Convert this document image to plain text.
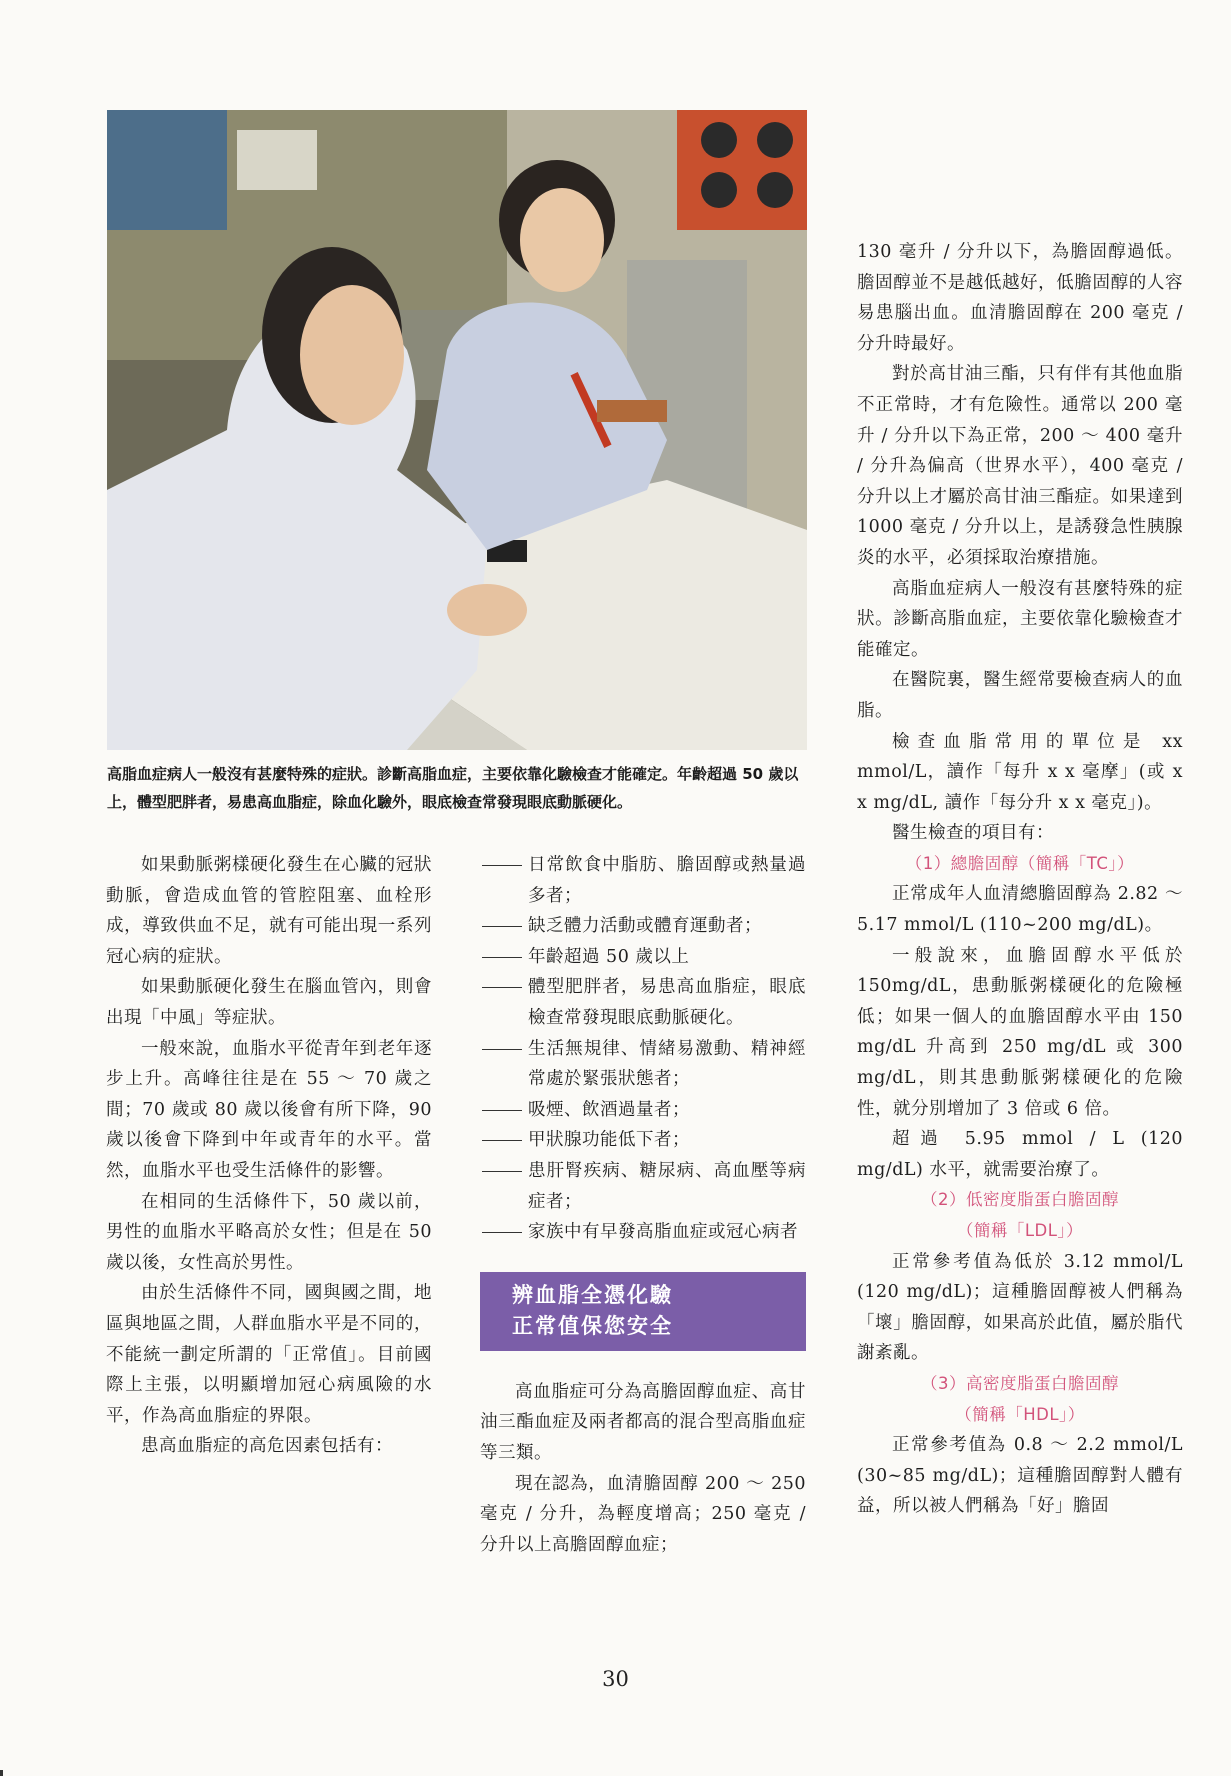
高脂血症病人一般沒有甚麼特殊的症狀。診斷高脂血症，主要依靠化驗檢查才能確定。年齡超過 50 歲以上，體型肥胖者，易患高血脂症，除血化驗外，眼底檢查常發現眼底動脈硬化。

如果動脈粥樣硬化發生在心臟的冠狀動脈，會造成血管的管腔阻塞、血栓形成，導致供血不足，就有可能出現一系列冠心病的症狀。

如果動脈硬化發生在腦血管內，則會出現「中風」等症狀。

一般來說，血脂水平從青年到老年逐步上升。高峰往往是在 55 ～ 70 歲之間；70 歲或 80 歲以後會有所下降，90 歲以後會下降到中年或青年的水平。當然，血脂水平也受生活條件的影響。

在相同的生活條件下，50 歲以前，男性的血脂水平略高於女性；但是在 50 歲以後，女性高於男性。

由於生活條件不同，國與國之間，地區與地區之間，人群血脂水平是不同的，不能統一劃定所謂的「正常值」。目前國際上主張，以明顯增加冠心病風險的水平，作為高血脂症的界限。

患高血脂症的高危因素包括有：

日常飲食中脂肪、膽固醇或熱量過多者；
缺乏體力活動或體育運動者；
年齡超過 50 歲以上
體型肥胖者，易患高血脂症，眼底檢查常發現眼底動脈硬化。
生活無規律、情緒易激動、精神經常處於緊張狀態者；
吸煙、飲酒過量者；
甲狀腺功能低下者；
患肝腎疾病、糖尿病、高血壓等病症者；
家族中有早發高脂血症或冠心病者
辨血脂全憑化驗
正常值保您安全

高血脂症可分為高膽固醇血症、高甘油三酯血症及兩者都高的混合型高脂血症等三類。

現在認為，血清膽固醇 200 ～ 250 毫克 / 分升，為輕度增高；250 毫克 / 分升以上高膽固醇血症；

130 毫升 / 分升以下，為膽固醇過低。膽固醇並不是越低越好，低膽固醇的人容易患腦出血。血清膽固醇在 200 毫克 / 分升時最好。

對於高甘油三酯，只有伴有其他血脂不正常時，才有危險性。通常以 200 毫升 / 分升以下為正常，200 ～ 400 毫升 / 分升為偏高（世界水平），400 毫克 / 分升以上才屬於高甘油三酯症。如果達到 1000 毫克 / 分升以上，是誘發急性胰腺炎的水平，必須採取治療措施。

高脂血症病人一般沒有甚麼特殊的症狀。診斷高脂血症，主要依靠化驗檢查才能確定。

在醫院裏，醫生經常要檢查病人的血脂。

檢查血脂常用的單位是 xx mmol/L，讀作「每升 x x 毫摩」(或 x x mg/dL, 讀作「每分升 x x 毫克」)。

醫生檢查的項目有：

（1）總膽固醇（簡稱「TC」）

正常成年人血清總膽固醇為 2.82 ～ 5.17 mmol/L (110~200 mg/dL)。

一般說來，血膽固醇水平低於 150mg/dL，患動脈粥樣硬化的危險極低；如果一個人的血膽固醇水平由 150 mg/dL 升高到 250 mg/dL 或 300 mg/dL，則其患動脈粥樣硬化的危險性，就分別增加了 3 倍或 6 倍。

超過 5.95 mmol / L (120 mg/dL) 水平，就需要治療了。

（2）低密度脂蛋白膽固醇
（簡稱「LDL」）

正常參考值為低於 3.12 mmol/L (120 mg/dL)；這種膽固醇被人們稱為「壞」膽固醇，如果高於此值，屬於脂代謝紊亂。

（3）高密度脂蛋白膽固醇
（簡稱「HDL」）

正常參考值為 0.8 ～ 2.2 mmol/L (30~85 mg/dL)；這種膽固醇對人體有益，所以被人們稱為「好」膽固

30
